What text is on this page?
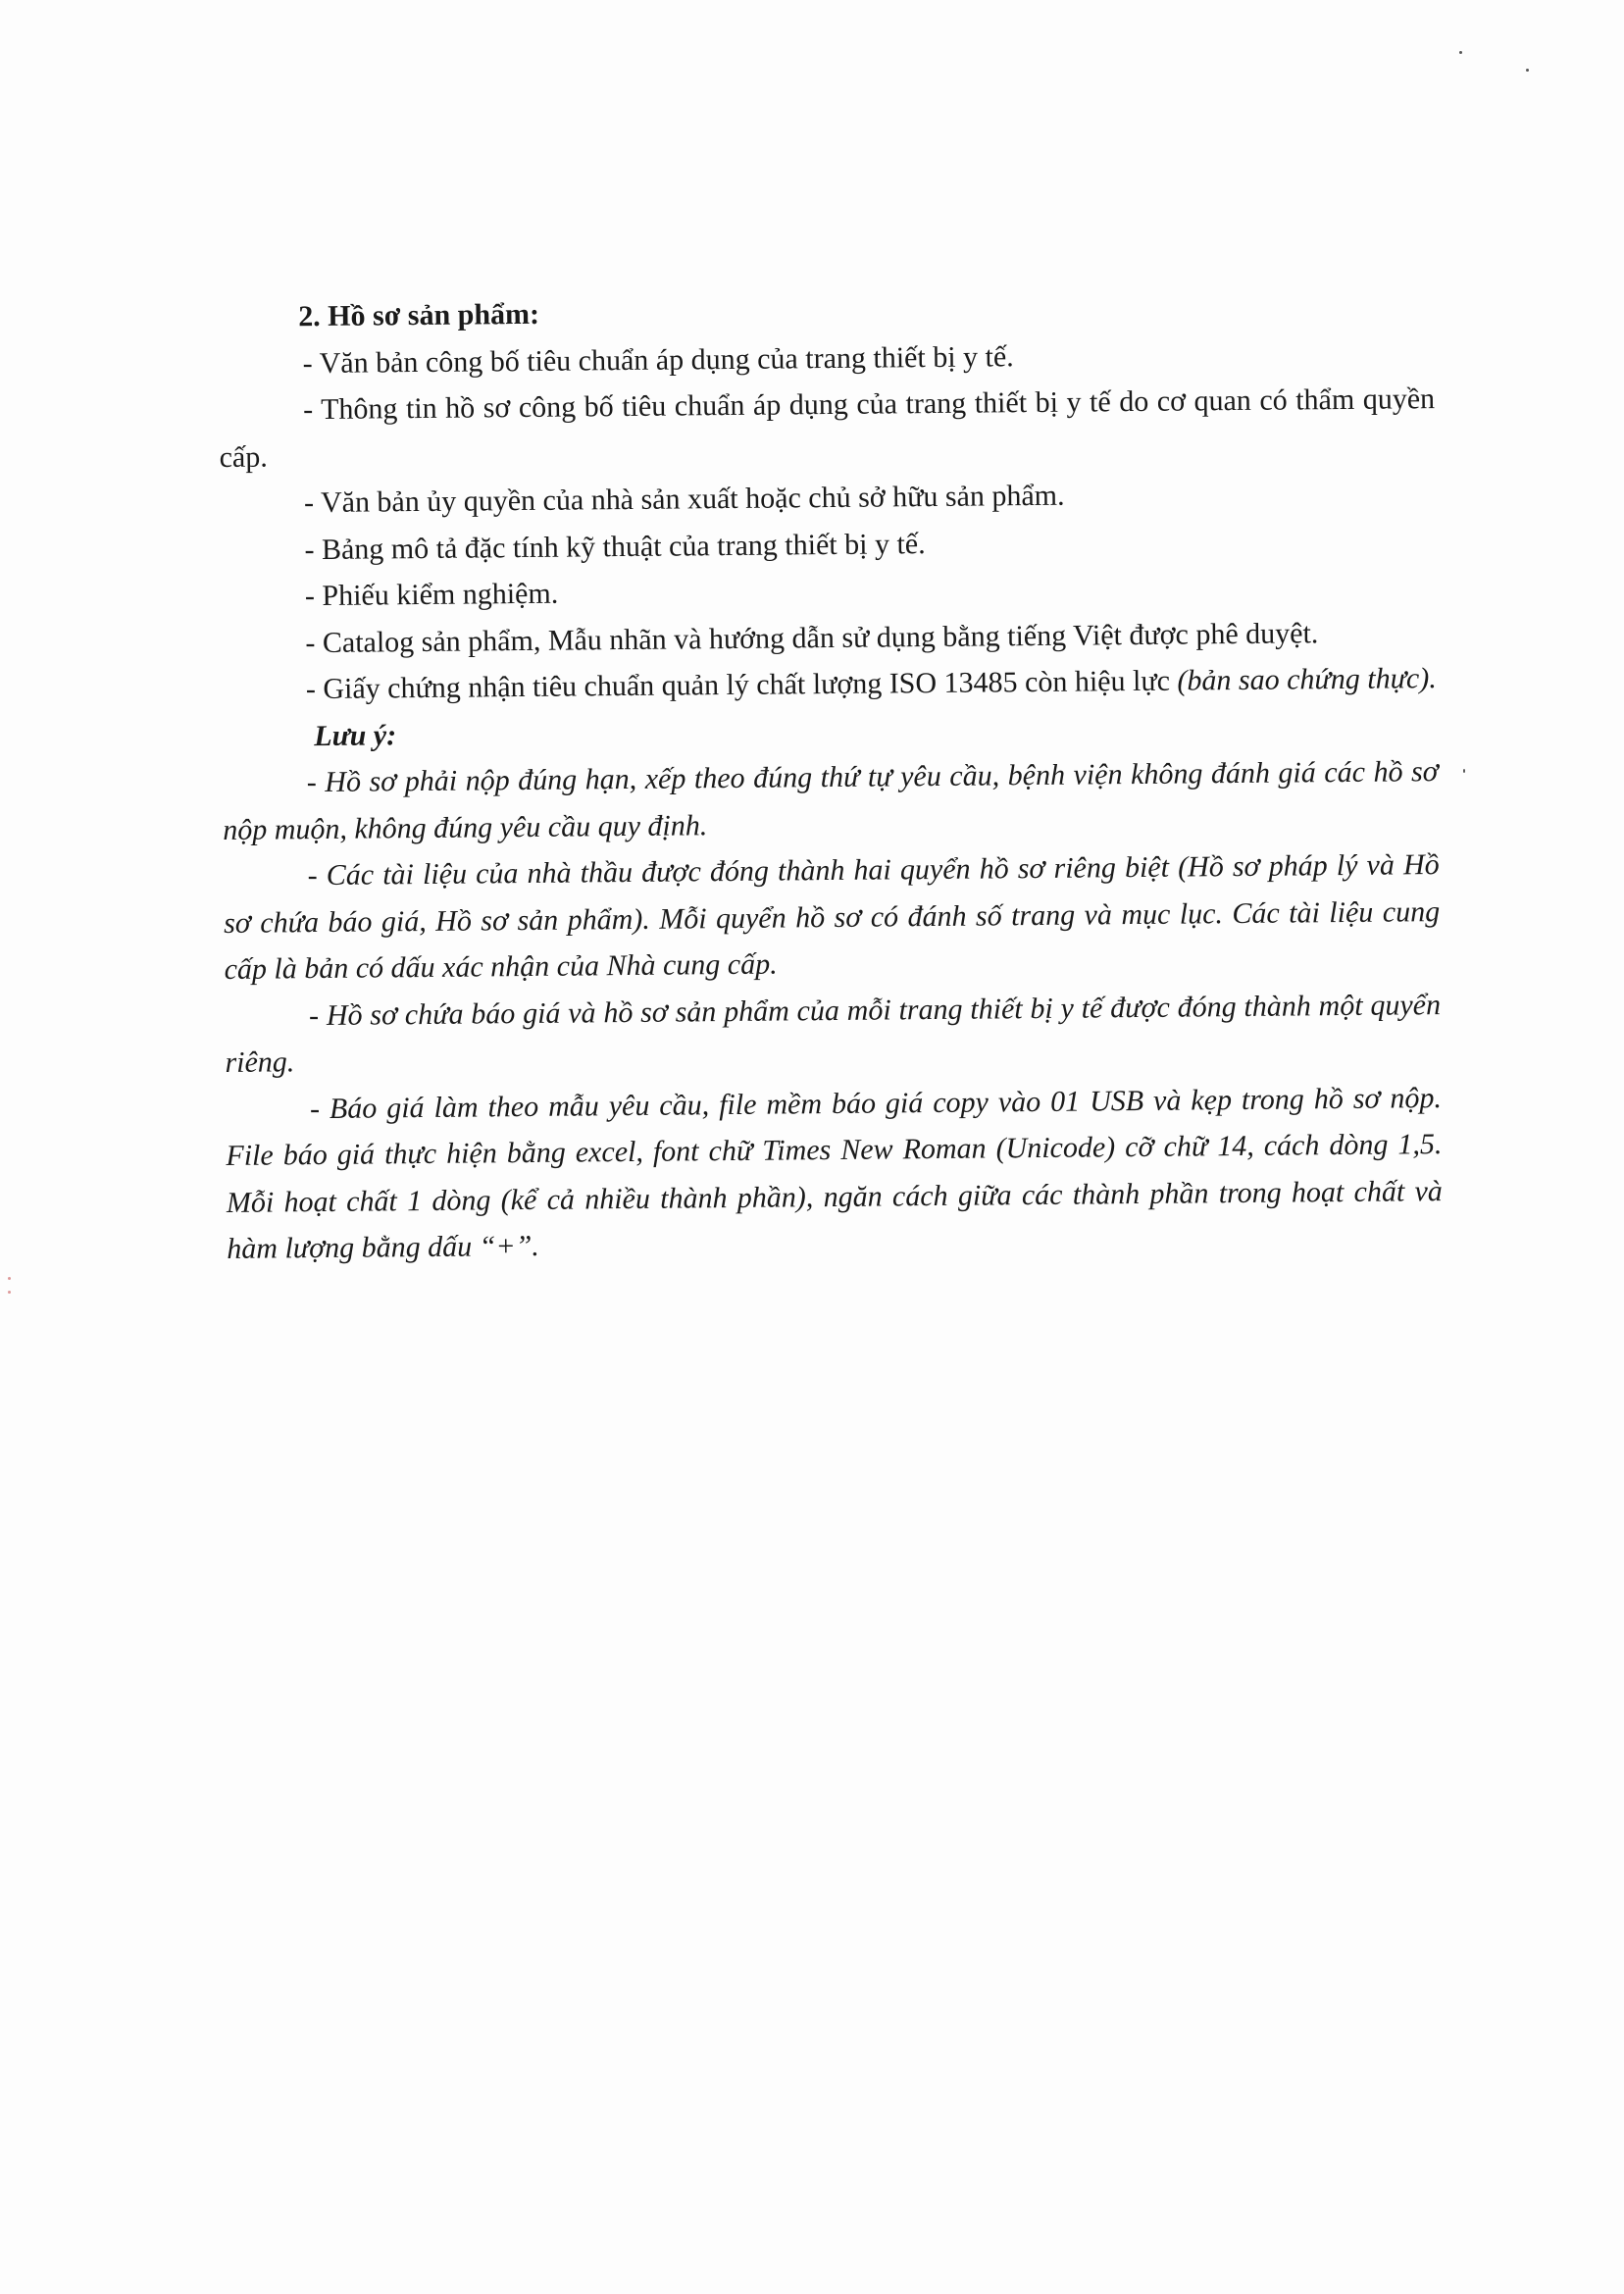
2. Hồ sơ sản phẩm:

- Văn bản công bố tiêu chuẩn áp dụng của trang thiết bị y tế.

- Thông tin hồ sơ công bố tiêu chuẩn áp dụng của trang thiết bị y tế do cơ quan có thẩm quyền cấp.

- Văn bản ủy quyền của nhà sản xuất hoặc chủ sở hữu sản phẩm.

- Bảng mô tả đặc tính kỹ thuật của trang thiết bị y tế.

- Phiếu kiểm nghiệm.

- Catalog sản phẩm, Mẫu nhãn và hướng dẫn sử dụng bằng tiếng Việt được phê duyệt.

- Giấy chứng nhận tiêu chuẩn quản lý chất lượng ISO 13485 còn hiệu lực (bản sao chứng thực).

Lưu ý:

- Hồ sơ phải nộp đúng hạn, xếp theo đúng thứ tự yêu cầu, bệnh viện không đánh giá các hồ sơ nộp muộn, không đúng yêu cầu quy định.

- Các tài liệu của nhà thầu được đóng thành hai quyển hồ sơ riêng biệt (Hồ sơ pháp lý và Hồ sơ chứa báo giá, Hồ sơ sản phẩm). Mỗi quyển hồ sơ có đánh số trang và mục lục. Các tài liệu cung cấp là bản có dấu xác nhận của Nhà cung cấp.

- Hồ sơ chứa báo giá và hồ sơ sản phẩm của mỗi trang thiết bị y tế được đóng thành một quyển riêng.

- Báo giá làm theo mẫu yêu cầu, file mềm báo giá copy vào 01 USB và kẹp trong hồ sơ nộp. File báo giá thực hiện bằng excel, font chữ Times New Roman (Unicode) cỡ chữ 14, cách dòng 1,5. Mỗi hoạt chất 1 dòng (kể cả nhiều thành phần), ngăn cách giữa các thành phần trong hoạt chất và hàm lượng bằng dấu “+”.
